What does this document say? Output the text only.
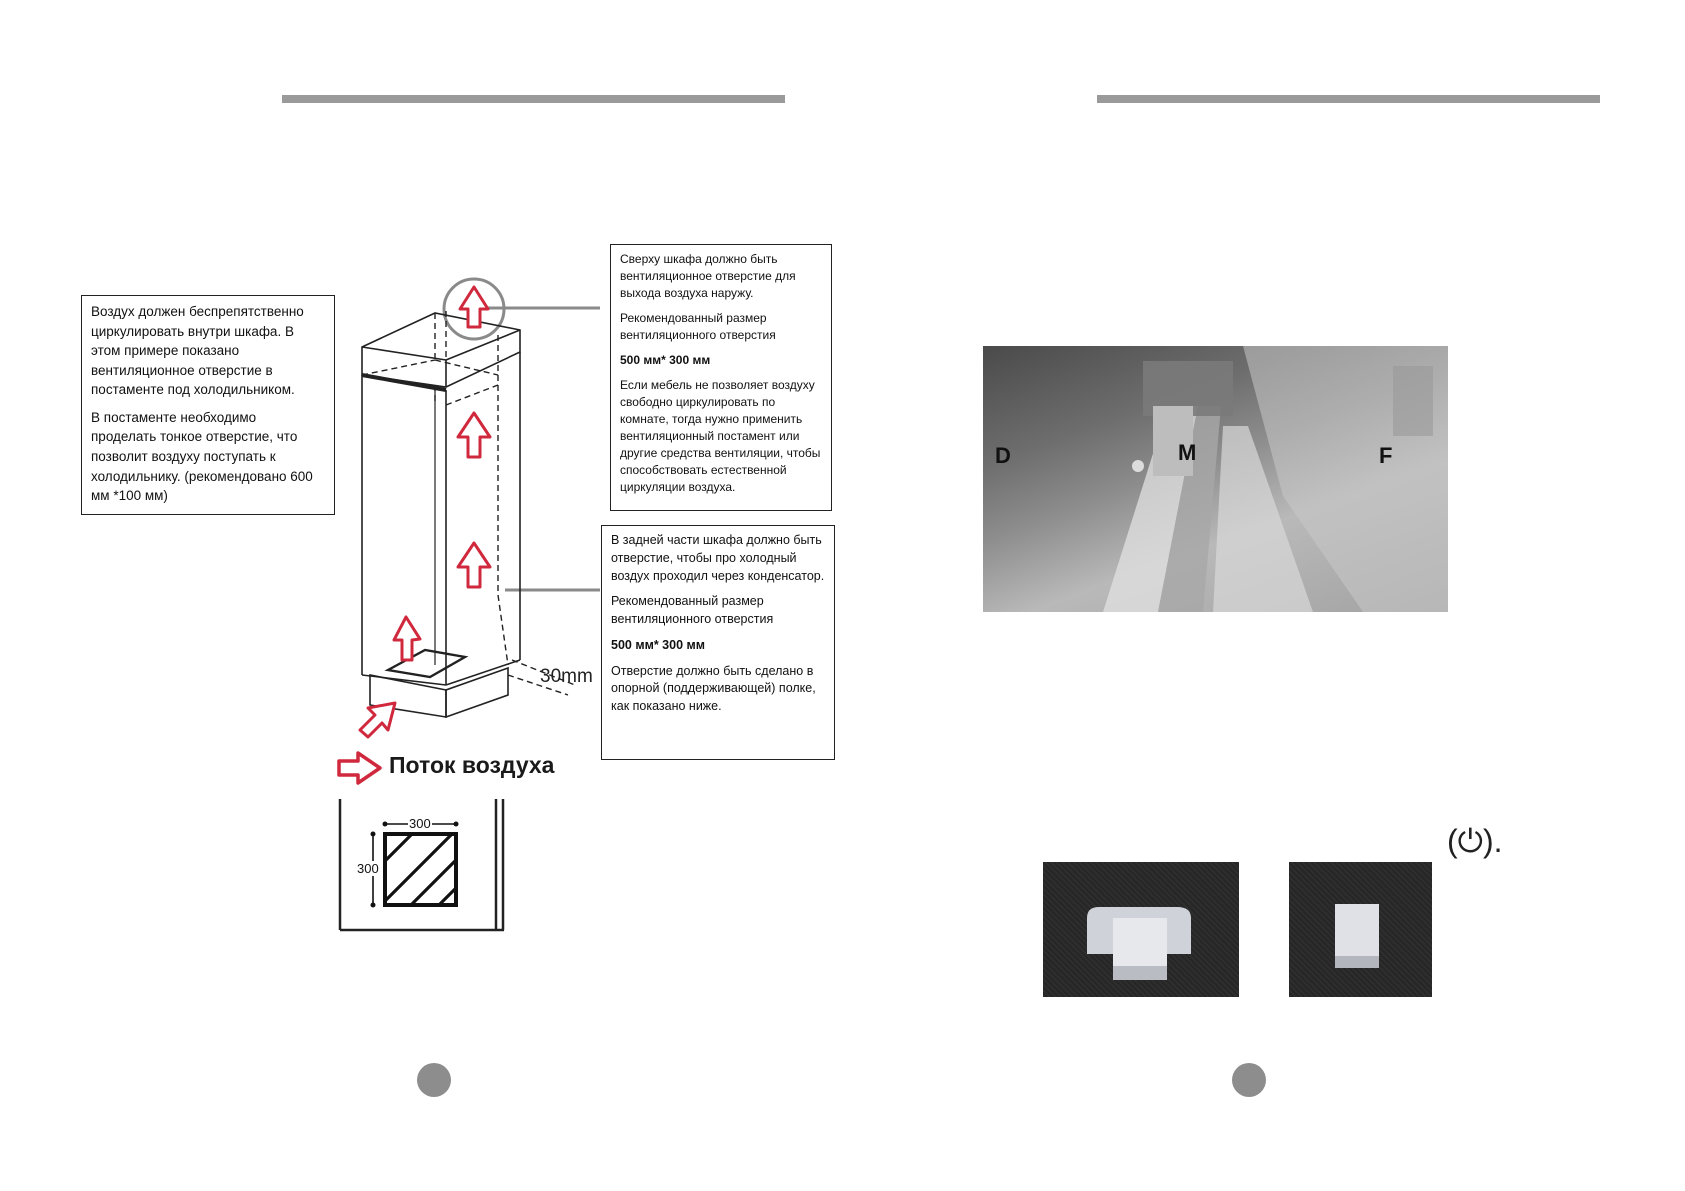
Воздух должен беспрепятственно циркулировать внутри шкафа. В этом примере показано вентиляционное отверстие в постаменте под холодильником.

В постаменте необходимо проделать тонкое отверстие, что позволит воздуху поступать к холодильнику. (рекомендовано 600 мм *100 мм)

Сверху шкафа должно быть вентиляционное отверстие для выхода воздуха наружу.

Рекомендованный размер вентиляционного отверстия

500 мм* 300 мм

Если мебель не позволяет воздуху свободно циркулировать по комнате, тогда нужно применить вентиляционный постамент или другие средства вентиляции, чтобы способствовать естественной циркуляции воздуха.

В задней части шкафа должно быть отверстие, чтобы про холодный воздух проходил через конденсатор.

Рекомендованный размер вентиляционного отверстия

500 мм* 300 мм

Отверстие должно быть сделано в опорной (поддерживающей) полке, как показано ниже.

30mm
Поток воздуха
300
300
D	M	F
(⏻).
